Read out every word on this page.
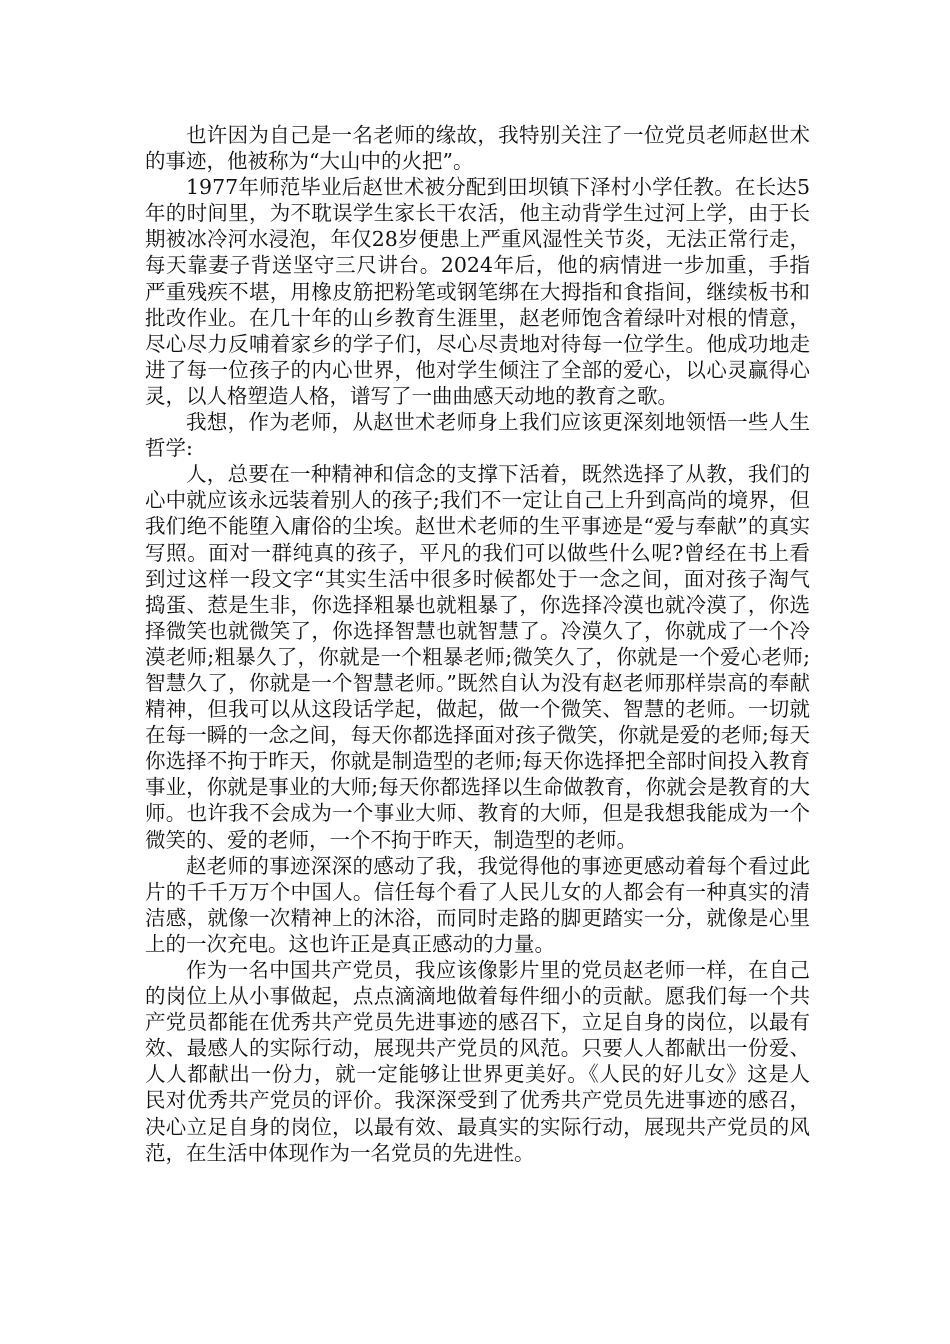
也许因为自己是一名老师的缘故，我特别关注了一位党员老师赵世术的事迹，他被称为“大山中的火把”。

1977年师范毕业后赵世术被分配到田坝镇下泽村小学任教。在长达5年的时间里，为不耽误学生家长干农活，他主动背学生过河上学，由于长期被冰冷河水浸泡，年仅28岁便患上严重风湿性关节炎，无法正常行走，每天靠妻子背送坚守三尺讲台。2024年后，他的病情进一步加重，手指严重残疾不堪，用橡皮筋把粉笔或钢笔绑在大拇指和食指间，继续板书和批改作业。在几十年的山乡教育生涯里，赵老师饱含着绿叶对根的情意，尽心尽力反哺着家乡的学子们，尽心尽责地对待每一位学生。他成功地走进了每一位孩子的内心世界，他对学生倾注了全部的爱心，以心灵赢得心灵，以人格塑造人格，谱写了一曲曲感天动地的教育之歌。

我想，作为老师，从赵世术老师身上我们应该更深刻地领悟一些人生哲学:

人，总要在一种精神和信念的支撑下活着，既然选择了从教，我们的心中就应该永远装着别人的孩子;我们不一定让自己上升到高尚的境界，但我们绝不能堕入庸俗的尘埃。赵世术老师的生平事迹是“爱与奉献”的真实写照。面对一群纯真的孩子，平凡的我们可以做些什么呢?曾经在书上看到过这样一段文字“其实生活中很多时候都处于一念之间，面对孩子淘气捣蛋、惹是生非，你选择粗暴也就粗暴了，你选择冷漠也就冷漠了，你选择微笑也就微笑了，你选择智慧也就智慧了。冷漠久了，你就成了一个冷漠老师;粗暴久了，你就是一个粗暴老师;微笑久了，你就是一个爱心老师;智慧久了，你就是一个智慧老师。”既然自认为没有赵老师那样崇高的奉献精神，但我可以从这段话学起，做起，做一个微笑、智慧的老师。一切就在每一瞬的一念之间，每天你都选择面对孩子微笑，你就是爱的老师;每天你选择不拘于昨天，你就是制造型的老师;每天你选择把全部时间投入教育事业，你就是事业的大师;每天你都选择以生命做教育，你就会是教育的大师。也许我不会成为一个事业大师、教育的大师，但是我想我能成为一个微笑的、爱的老师，一个不拘于昨天，制造型的老师。

赵老师的事迹深深的感动了我，我觉得他的事迹更感动着每个看过此片的千千万万个中国人。信任每个看了人民儿女的人都会有一种真实的清洁感，就像一次精神上的沐浴，而同时走路的脚更踏实一分，就像是心里上的一次充电。这也许正是真正感动的力量。

作为一名中国共产党员，我应该像影片里的党员赵老师一样，在自己的岗位上从小事做起，点点滴滴地做着每件细小的贡献。愿我们每一个共产党员都能在优秀共产党员先进事迹的感召下，立足自身的岗位，以最有效、最感人的实际行动，展现共产党员的风范。只要人人都献出一份爱、人人都献出一份力，就一定能够让世界更美好。《人民的好儿女》这是人民对优秀共产党员的评价。我深深受到了优秀共产党员先进事迹的感召，决心立足自身的岗位，以最有效、最真实的实际行动，展现共产党员的风范，在生活中体现作为一名党员的先进性。
